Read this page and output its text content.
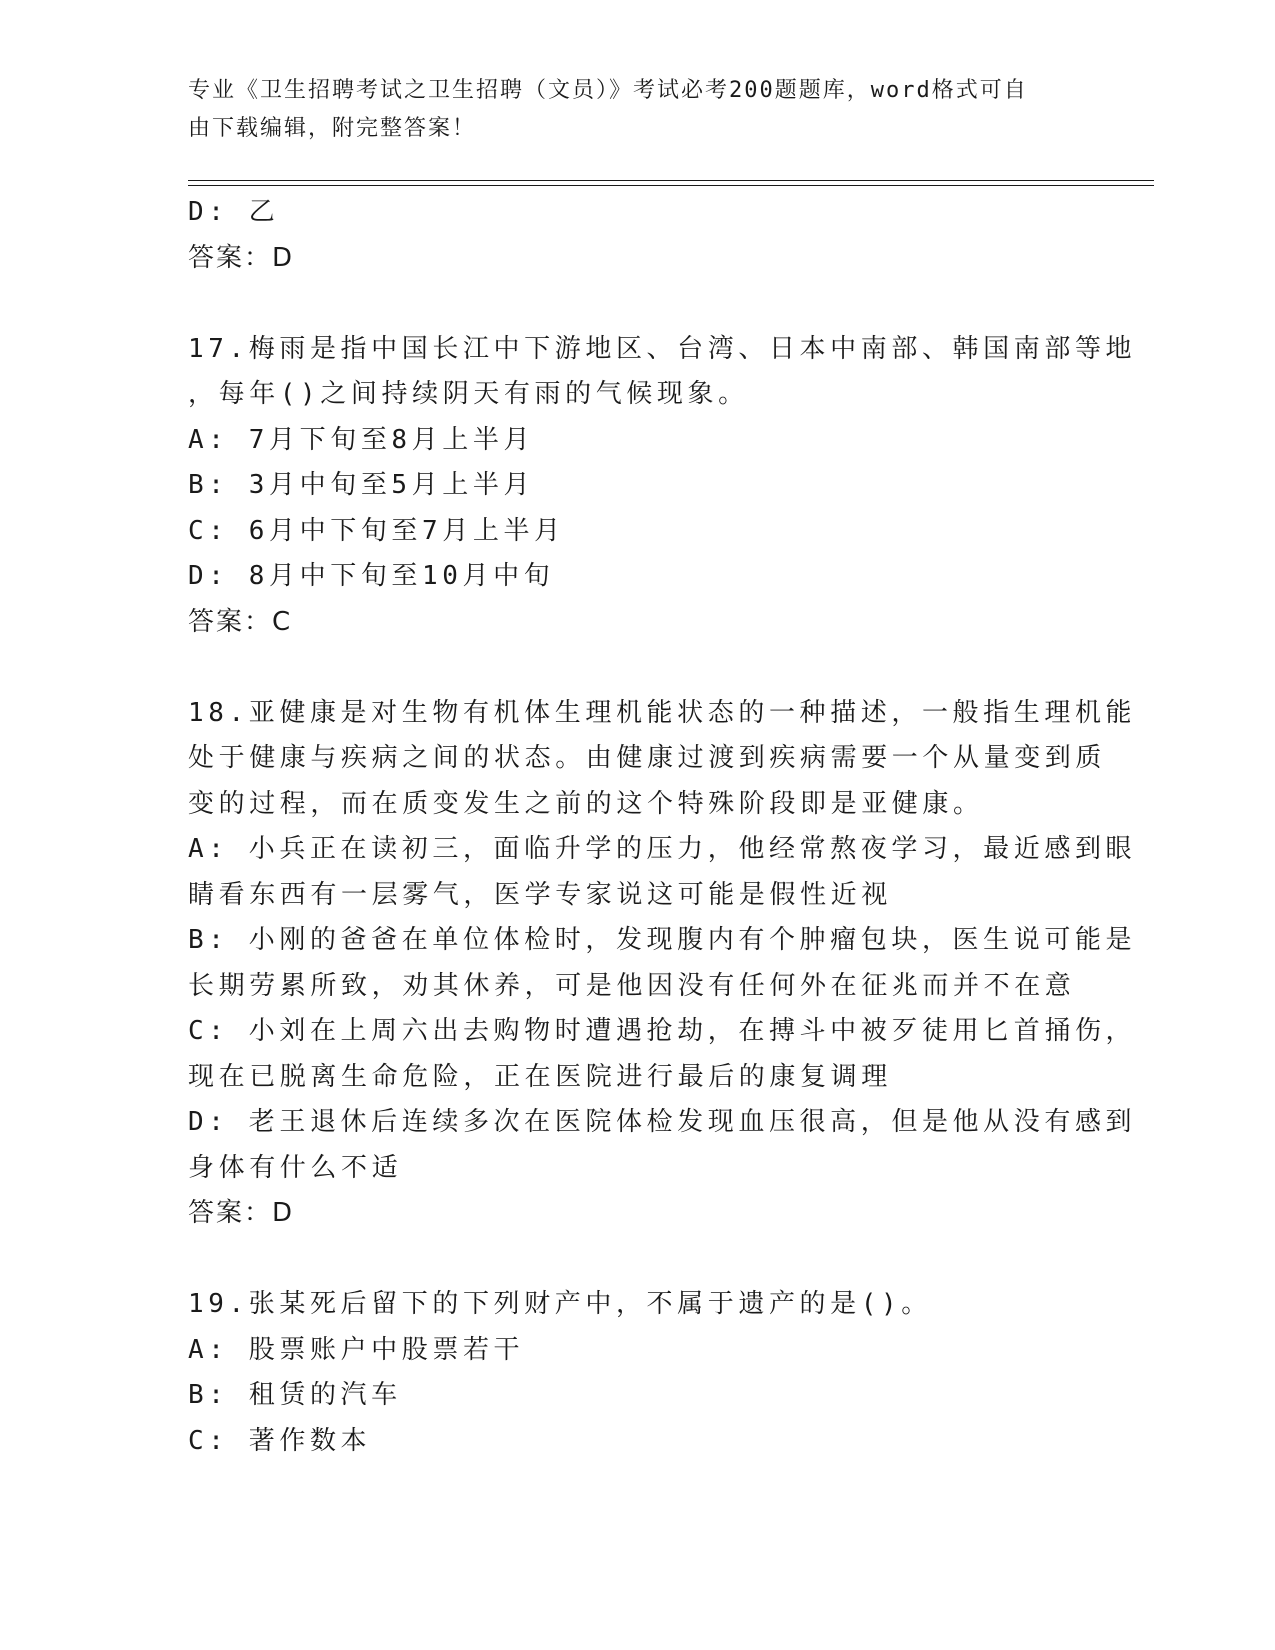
专业《卫生招聘考试之卫生招聘（文员）》考试必考200题题库，word格式可自
由下载编辑，附完整答案！
D: 乙
答案：D
17.梅雨是指中国长江中下游地区、台湾、日本中南部、韩国南部等地
，每年()之间持续阴天有雨的气候现象。
A: 7月下旬至8月上半月
B: 3月中旬至5月上半月
C: 6月中下旬至7月上半月
D: 8月中下旬至10月中旬
答案：C
18.亚健康是对生物有机体生理机能状态的一种描述，一般指生理机能
处于健康与疾病之间的状态。由健康过渡到疾病需要一个从量变到质
变的过程，而在质变发生之前的这个特殊阶段即是亚健康。
A: 小兵正在读初三，面临升学的压力，他经常熬夜学习，最近感到眼
睛看东西有一层雾气，医学专家说这可能是假性近视
B: 小刚的爸爸在单位体检时，发现腹内有个肿瘤包块，医生说可能是
长期劳累所致，劝其休养，可是他因没有任何外在征兆而并不在意
C: 小刘在上周六出去购物时遭遇抢劫，在搏斗中被歹徒用匕首捅伤，
现在已脱离生命危险，正在医院进行最后的康复调理
D: 老王退休后连续多次在医院体检发现血压很高，但是他从没有感到
身体有什么不适
答案：D
19.张某死后留下的下列财产中，不属于遗产的是()。
A: 股票账户中股票若干
B: 租赁的汽车
C: 著作数本
